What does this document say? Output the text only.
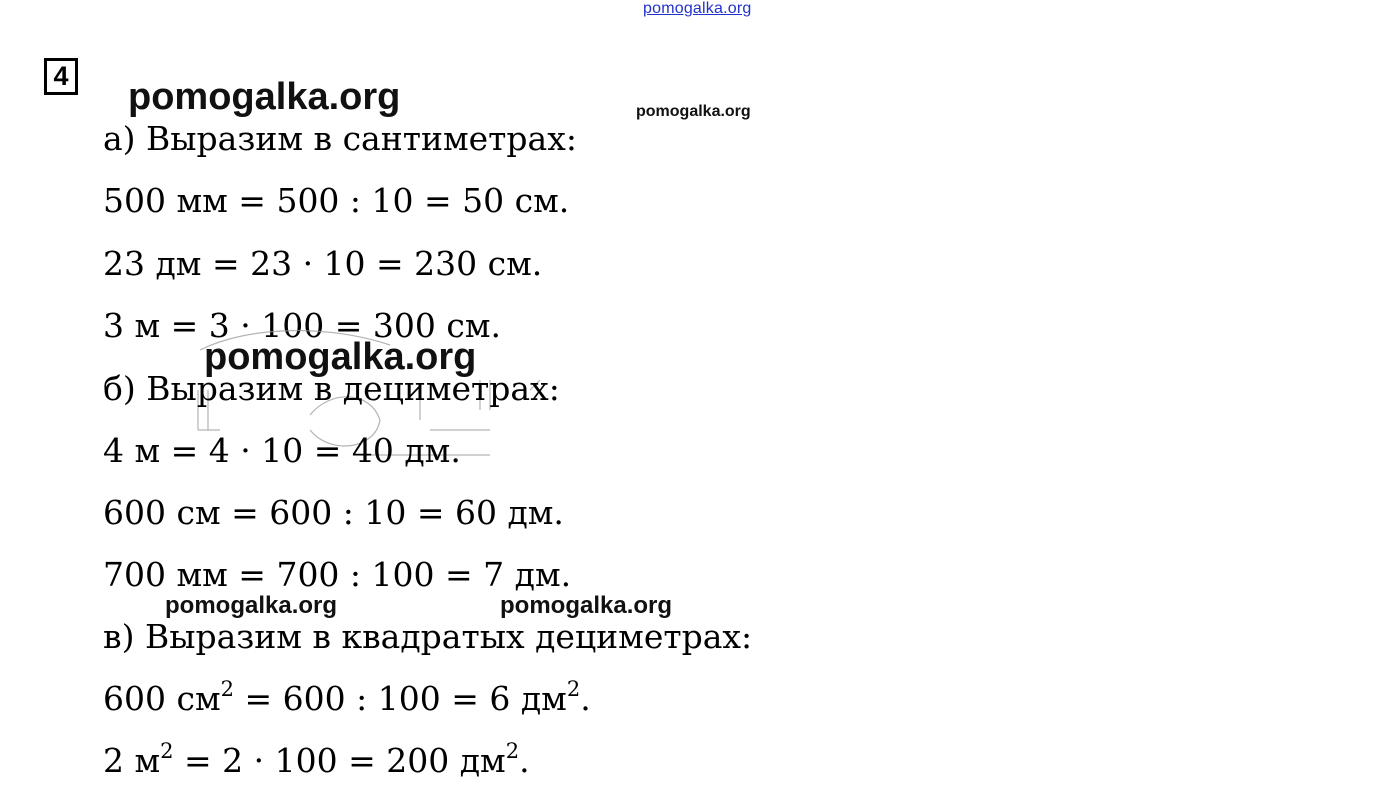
pomogalka.org
4 pomogalka.org	pomogalka.org
а) Выразим в сантиметрах:
500 мм = 500 : 10 = 50 см.
23 дм = 23 · 10 = 230 см.
3 м = 3 · 100 = 300 см.
pomogalka.org
б) Выразим в дециметрах:
4 м = 4 · 10 = 40 дм.
600 см = 600 : 10 = 60 дм.
700 мм = 700 : 100 = 7 дм.
pomogalka.org	pomogalka.org
в) Выразим в квадратых дециметрах:
600 $см^2 = 600$ : 100 = 6 $дм^2$.
2 $м^2 = 2 \cdot 100 = 200$ $дм^2$.
